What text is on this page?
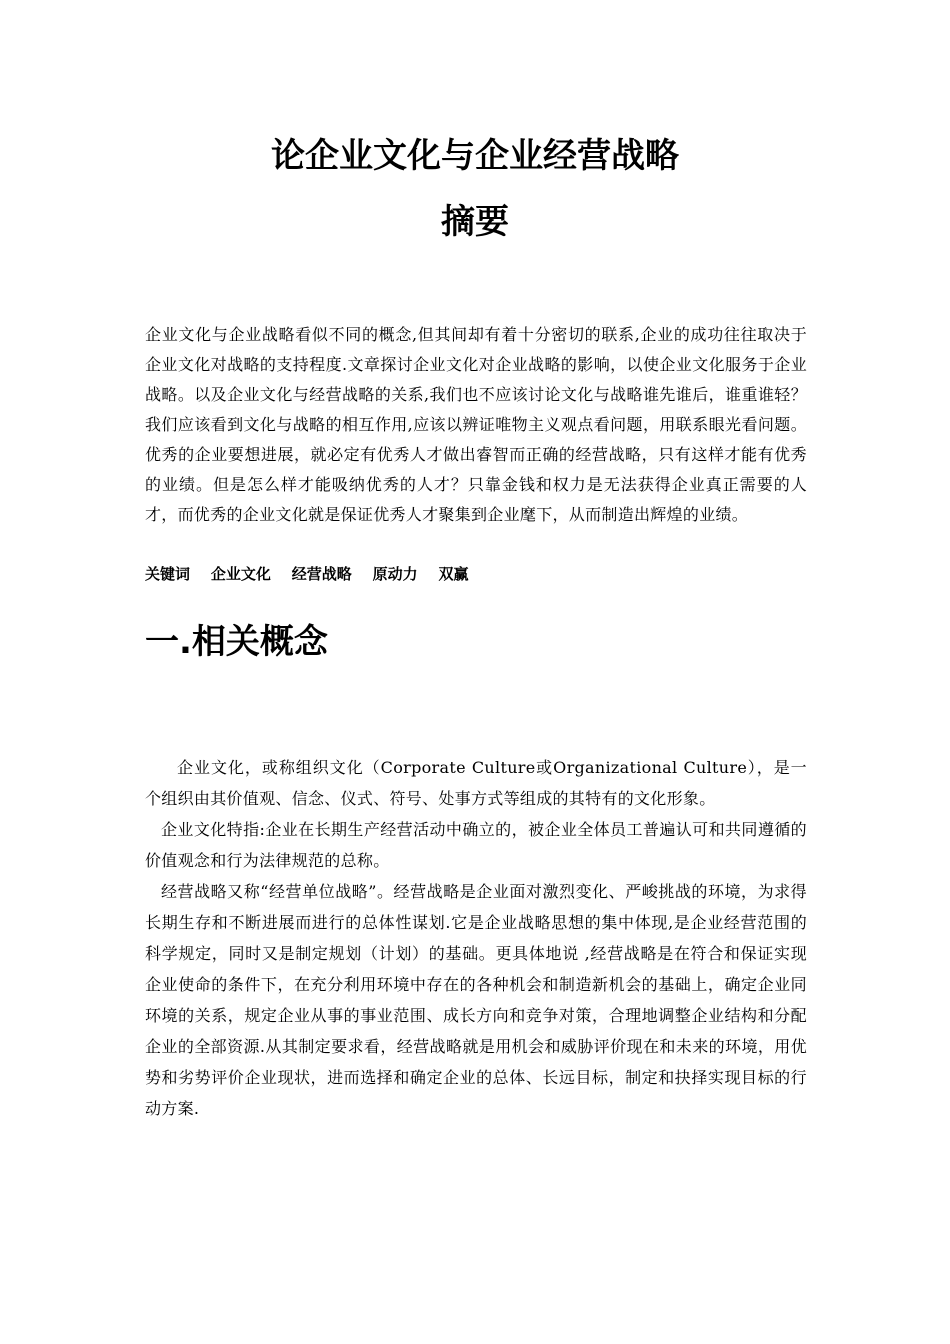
论企业文化与企业经营战略
摘要

企业文化与企业战略看似不同的概念,但其间却有着十分密切的联系,企业的成功往往取决于企业文化对战略的支持程度.文章探讨企业文化对企业战略的影响，以使企业文化服务于企业战略。以及企业文化与经营战略的关系,我们也不应该讨论文化与战略谁先谁后，谁重谁轻？我们应该看到文化与战略的相互作用,应该以辨证唯物主义观点看问题，用联系眼光看问题。优秀的企业要想进展，就必定有优秀人才做出睿智而正确的经营战略，只有这样才能有优秀的业绩。但是怎么样才能吸纳优秀的人才？只靠金钱和权力是无法获得企业真正需要的人才，而优秀的企业文化就是保证优秀人才聚集到企业麾下，从而制造出辉煌的业绩。

关键词    企业文化    经营战略    原动力    双赢
一.相关概念

企业文化，或称组织文化（Corporate Culture或Organizational Culture），是一个组织由其价值观、信念、仪式、符号、处事方式等组成的其特有的文化形象。

企业文化特指:企业在长期生产经营活动中确立的，被企业全体员工普遍认可和共同遵循的价值观念和行为法律规范的总称。

经营战略又称“经营单位战略”。经营战略是企业面对激烈变化、严峻挑战的环境，为求得长期生存和不断进展而进行的总体性谋划.它是企业战略思想的集中体现,是企业经营范围的科学规定，同时又是制定规划（计划）的基础。更具体地说 ,经营战略是在符合和保证实现企业使命的条件下，在充分利用环境中存在的各种机会和制造新机会的基础上，确定企业同环境的关系，规定企业从事的事业范围、成长方向和竞争对策，合理地调整企业结构和分配企业的全部资源.从其制定要求看，经营战略就是用机会和威胁评价现在和未来的环境，用优势和劣势评价企业现状，进而选择和确定企业的总体、长远目标，制定和抉择实现目标的行动方案.
